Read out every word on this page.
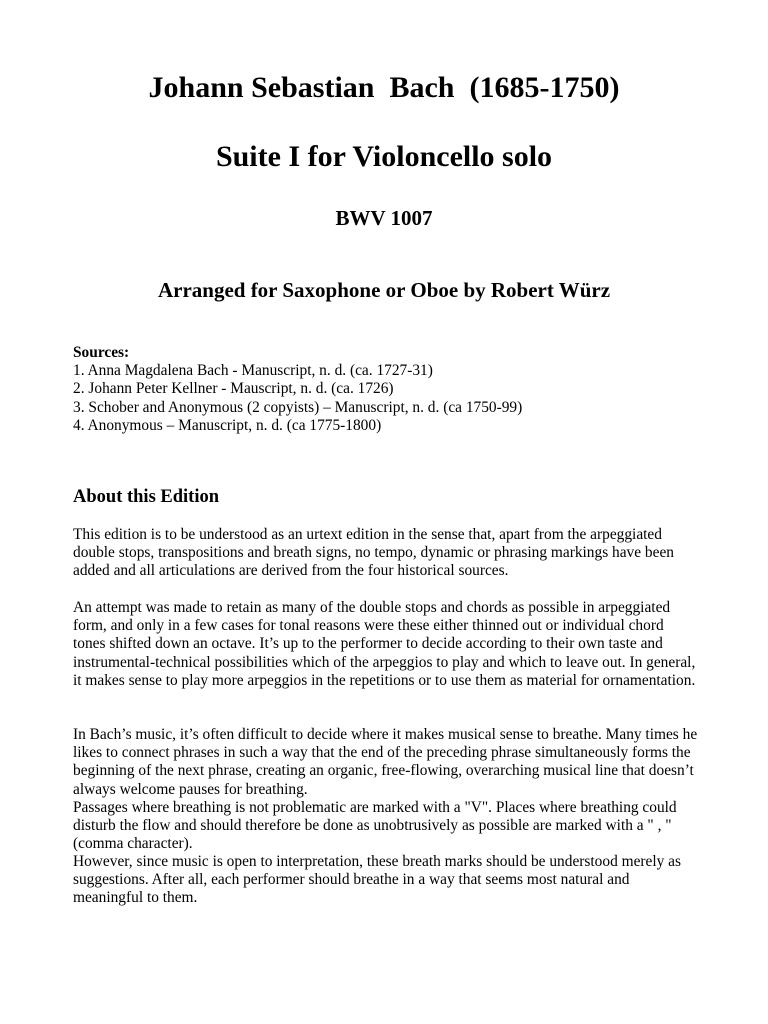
Johann Sebastian  Bach  (1685-1750)
Suite I for Violoncello solo
BWV 1007
Arranged for Saxophone or Oboe by Robert Würz
Sources:
1. Anna Magdalena Bach - Manuscript, n. d. (ca. 1727-31)
2. Johann Peter Kellner - Mauscript, n. d. (ca. 1726)
3. Schober and Anonymous (2 copyists) – Manuscript, n. d. (ca 1750-99)
4. Anonymous – Manuscript, n. d. (ca 1775-1800)
About this Edition

This edition is to be understood as an urtext edition in the sense that, apart from the arpeggiated double stops, transpositions and breath signs, no tempo, dynamic or phrasing markings have been added and all articulations are derived from the four historical sources.

An attempt was made to retain as many of the double stops and chords as possible in arpeggiated form, and only in a few cases for tonal reasons were these either thinned out or individual chord tones shifted down an octave. It’s up to the performer to decide according to their own taste and instrumental-technical possibilities which of the arpeggios to play and which to leave out. In general, it makes sense to play more arpeggios in the repetitions or to use them as material for ornamentation.

In Bach’s music, it’s often difficult to decide where it makes musical sense to breathe. Many times he likes to connect phrases in such a way that the end of the preceding phrase simultaneously forms the beginning of the next phrase, creating an organic, free-flowing, overarching musical line that doesn’t always welcome pauses for breathing.

Passages where breathing is not problematic are marked with a "V". Places where breathing could disturb the flow and should therefore be done as unobtrusively as possible are marked with a " , " (comma character).

However, since music is open to interpretation, these breath marks should be understood merely as suggestions. After all, each performer should breathe in a way that seems most natural and meaningful to them.
